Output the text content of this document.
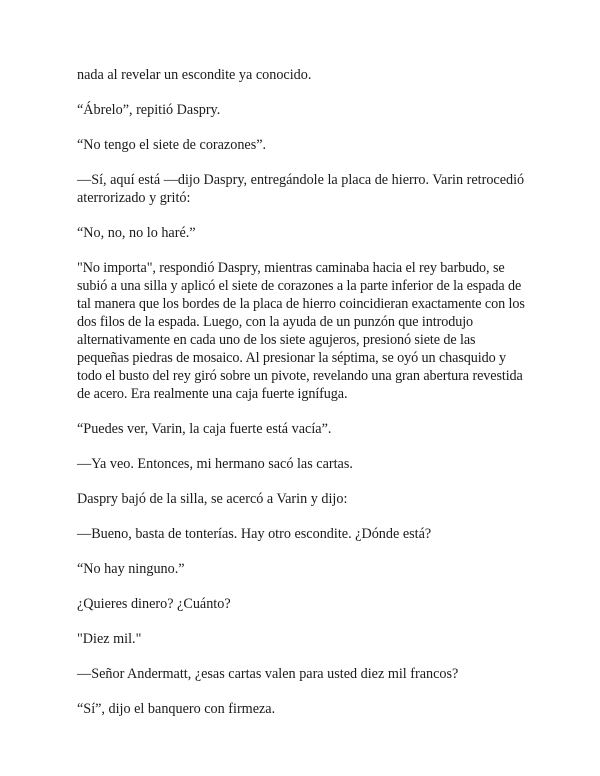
nada al revelar un escondite ya conocido.

“Ábrelo”, repitió Daspry.

“No tengo el siete de corazones”.

—Sí, aquí está —dijo Daspry, entregándole la placa de hierro. Varin retrocedió aterrorizado y gritó:

“No, no, no lo haré.”

"No importa", respondió Daspry, mientras caminaba hacia el rey barbudo, se subió a una silla y aplicó el siete de corazones a la parte inferior de la espada de tal manera que los bordes de la placa de hierro coincidieran exactamente con los dos filos de la espada. Luego, con la ayuda de un punzón que introdujo alternativamente en cada uno de los siete agujeros, presionó siete de las pequeñas piedras de mosaico. Al presionar la séptima, se oyó un chasquido y todo el busto del rey giró sobre un pivote, revelando una gran abertura revestida de acero. Era realmente una caja fuerte ignífuga.

“Puedes ver, Varin, la caja fuerte está vacía”.

—Ya veo. Entonces, mi hermano sacó las cartas.

Daspry bajó de la silla, se acercó a Varin y dijo:

—Bueno, basta de tonterías. Hay otro escondite. ¿Dónde está?

“No hay ninguno.”

¿Quieres dinero? ¿Cuánto?

"Diez mil."

—Señor Andermatt, ¿esas cartas valen para usted diez mil francos?

“Sí”, dijo el banquero con firmeza.
